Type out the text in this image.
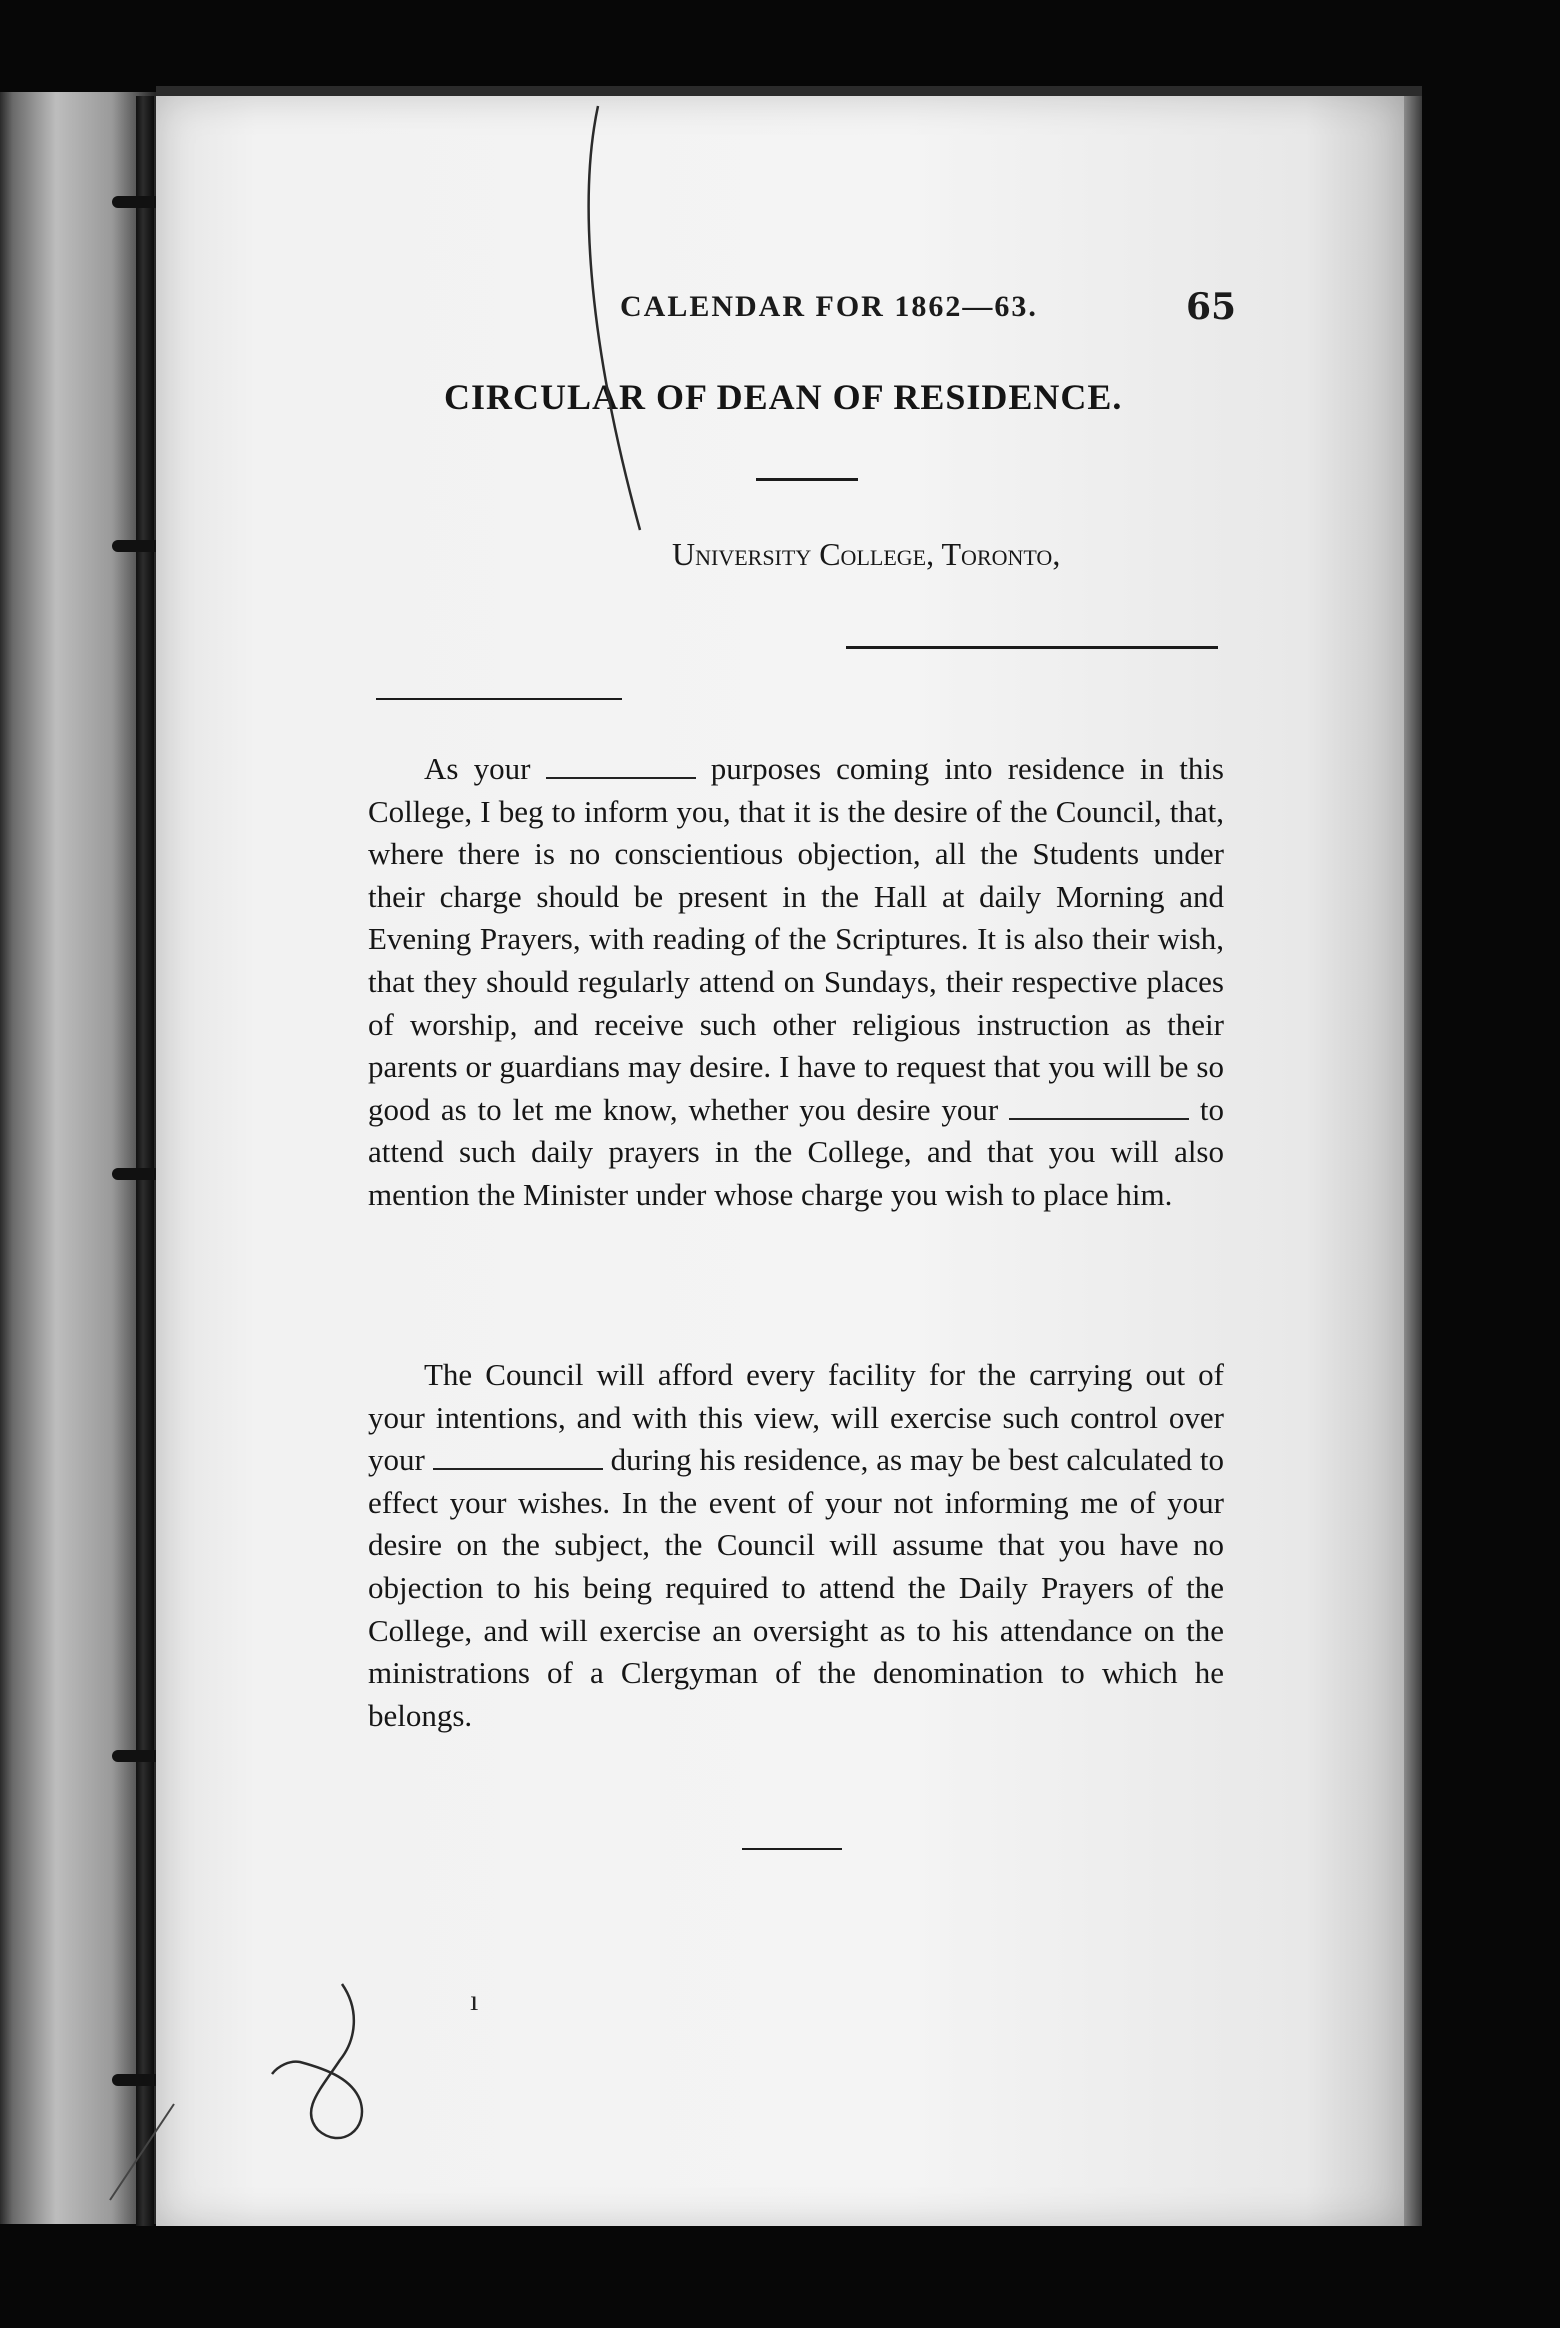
CALENDAR FOR 1862—63.	65
CIRCULAR OF DEAN OF RESIDENCE.
University College, Toronto,

As your	purposes coming into residence in this College, I beg to inform you, that it is the desire of the Council, that, where there is no conscientious objection, all the Students under their charge should be present in the Hall at daily Morning and Evening Prayers, with reading of the Scriptures. It is also their wish, that they should regularly attend on Sundays, their respective places of worship, and receive such other religious instruction as their parents or guardians may desire. I have to request that you will be so good as to let me know, whether you desire your	to attend such daily prayers in the College, and that you will also mention the Minister under whose charge you wish to place him.

The Council will afford every facility for the carrying out of your intentions, and with this view, will exercise such control over your	during his residence, as may be best calculated to effect your wishes. In the event of your not informing me of your desire on the subject, the Council will assume that you have no objection to his being required to attend the Daily Prayers of the College, and will exercise an oversight as to his attendance on the ministrations of a Clergyman of the denomination to which he belongs.

ı
